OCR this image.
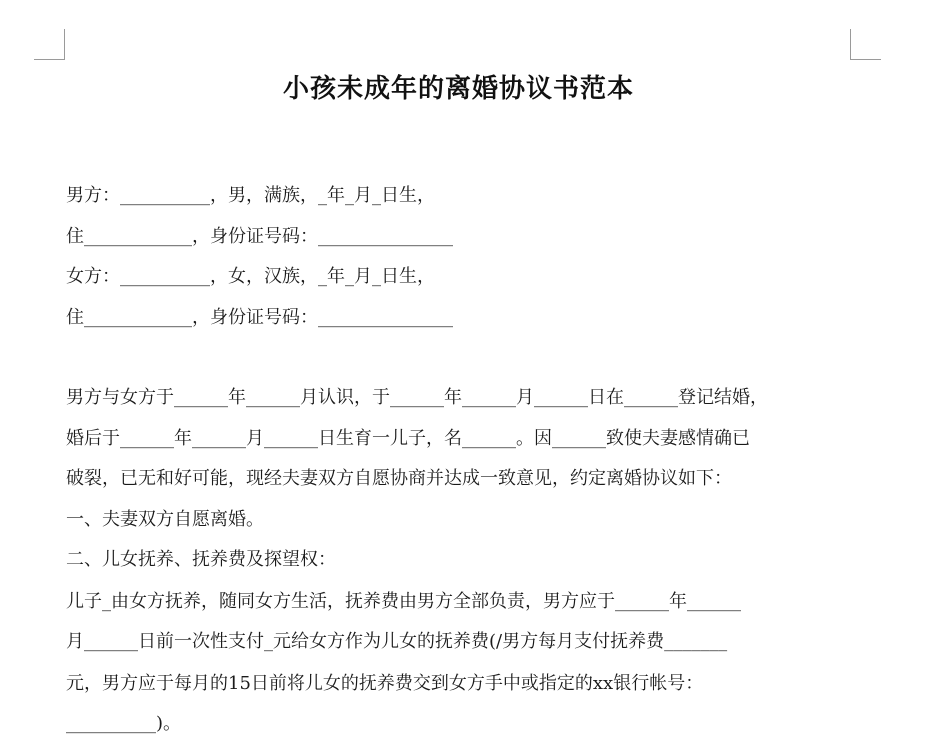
小孩未成年的离婚协议书范本
男方：__________，男，满族，_年_月_日生，
住____________，身份证号码：_______________
女方：__________，女，汉族，_年_月_日生，
住____________，身份证号码：_______________
男方与女方于______年______月认识，于______年______月______日在______登记结婚，
婚后于______年______月______日生育一儿子，名______。因______致使夫妻感情确已
破裂，已无和好可能，现经夫妻双方自愿协商并达成一致意见，约定离婚协议如下：
一、夫妻双方自愿离婚。
二、儿女抚养、抚养费及探望权：
儿子_由女方抚养，随同女方生活，抚养费由男方全部负责，男方应于______年______
月______日前一次性支付_元给女方作为儿女的抚养费(/男方每月支付抚养费_______
元，男方应于每月的15日前将儿女的抚养费交到女方手中或指定的xx银行帐号：
__________)。
